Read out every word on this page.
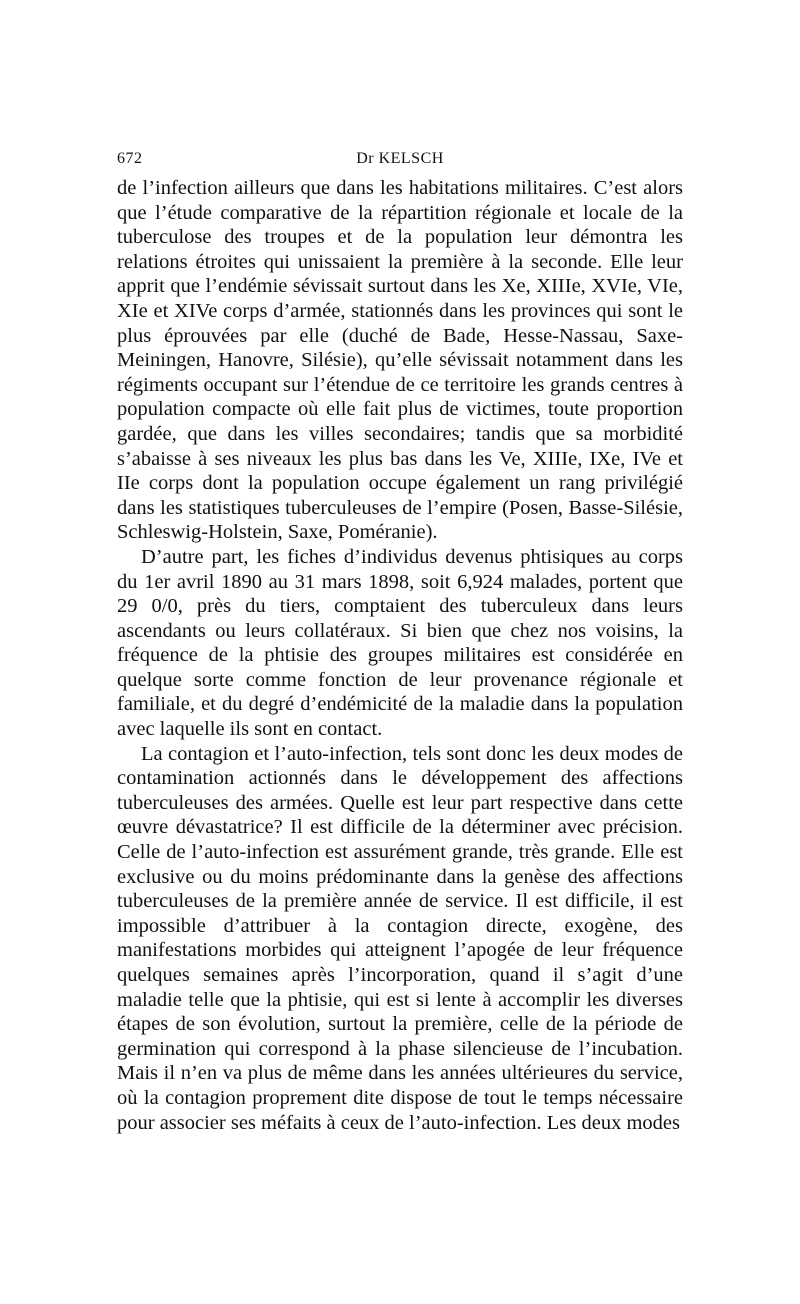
672	Dr KELSCH

de l’infection ailleurs que dans les habitations militaires. C’est alors que l’étude comparative de la répartition régionale et locale de la tuberculose des troupes et de la population leur démontra les relations étroites qui unissaient la première à la seconde. Elle leur apprit que l’endémie sévissait surtout dans les Xe, XIIIe, XVIe, VIe, XIe et XIVe corps d’armée, stationnés dans les provinces qui sont le plus éprouvées par elle (duché de Bade, Hesse-Nassau, Saxe-Meiningen, Hanovre, Silésie), qu’elle sévissait notamment dans les régiments occupant sur l’étendue de ce territoire les grands centres à population compacte où elle fait plus de victimes, toute proportion gardée, que dans les villes secondaires; tandis que sa morbidité s’abaisse à ses niveaux les plus bas dans les Ve, XIIIe, IXe, IVe et IIe corps dont la population occupe également un rang privilégié dans les statistiques tuberculeuses de l’empire (Posen, Basse-Silésie, Schleswig-Holstein, Saxe, Poméranie).

D’autre part, les fiches d’individus devenus phtisiques au corps du 1er avril 1890 au 31 mars 1898, soit 6,924 malades, portent que 29 0/0, près du tiers, comptaient des tuberculeux dans leurs ascendants ou leurs collatéraux. Si bien que chez nos voisins, la fréquence de la phtisie des groupes militaires est considérée en quelque sorte comme fonction de leur provenance régionale et familiale, et du degré d’endémicité de la maladie dans la population avec laquelle ils sont en contact.

La contagion et l’auto-infection, tels sont donc les deux modes de contamination actionnés dans le développement des affections tuberculeuses des armées. Quelle est leur part respective dans cette œuvre dévastatrice? Il est difficile de la déterminer avec précision. Celle de l’auto-infection est assurément grande, très grande. Elle est exclusive ou du moins prédominante dans la genèse des affections tuberculeuses de la première année de service. Il est difficile, il est impossible d’attribuer à la contagion directe, exogène, des manifestations morbides qui atteignent l’apogée de leur fréquence quelques semaines après l’incorporation, quand il s’agit d’une maladie telle que la phtisie, qui est si lente à accomplir les diverses étapes de son évolution, surtout la première, celle de la période de germination qui correspond à la phase silencieuse de l’incubation. Mais il n’en va plus de même dans les années ultérieures du service, où la contagion proprement dite dispose de tout le temps nécessaire pour associer ses méfaits à ceux de l’auto-infection. Les deux modes
